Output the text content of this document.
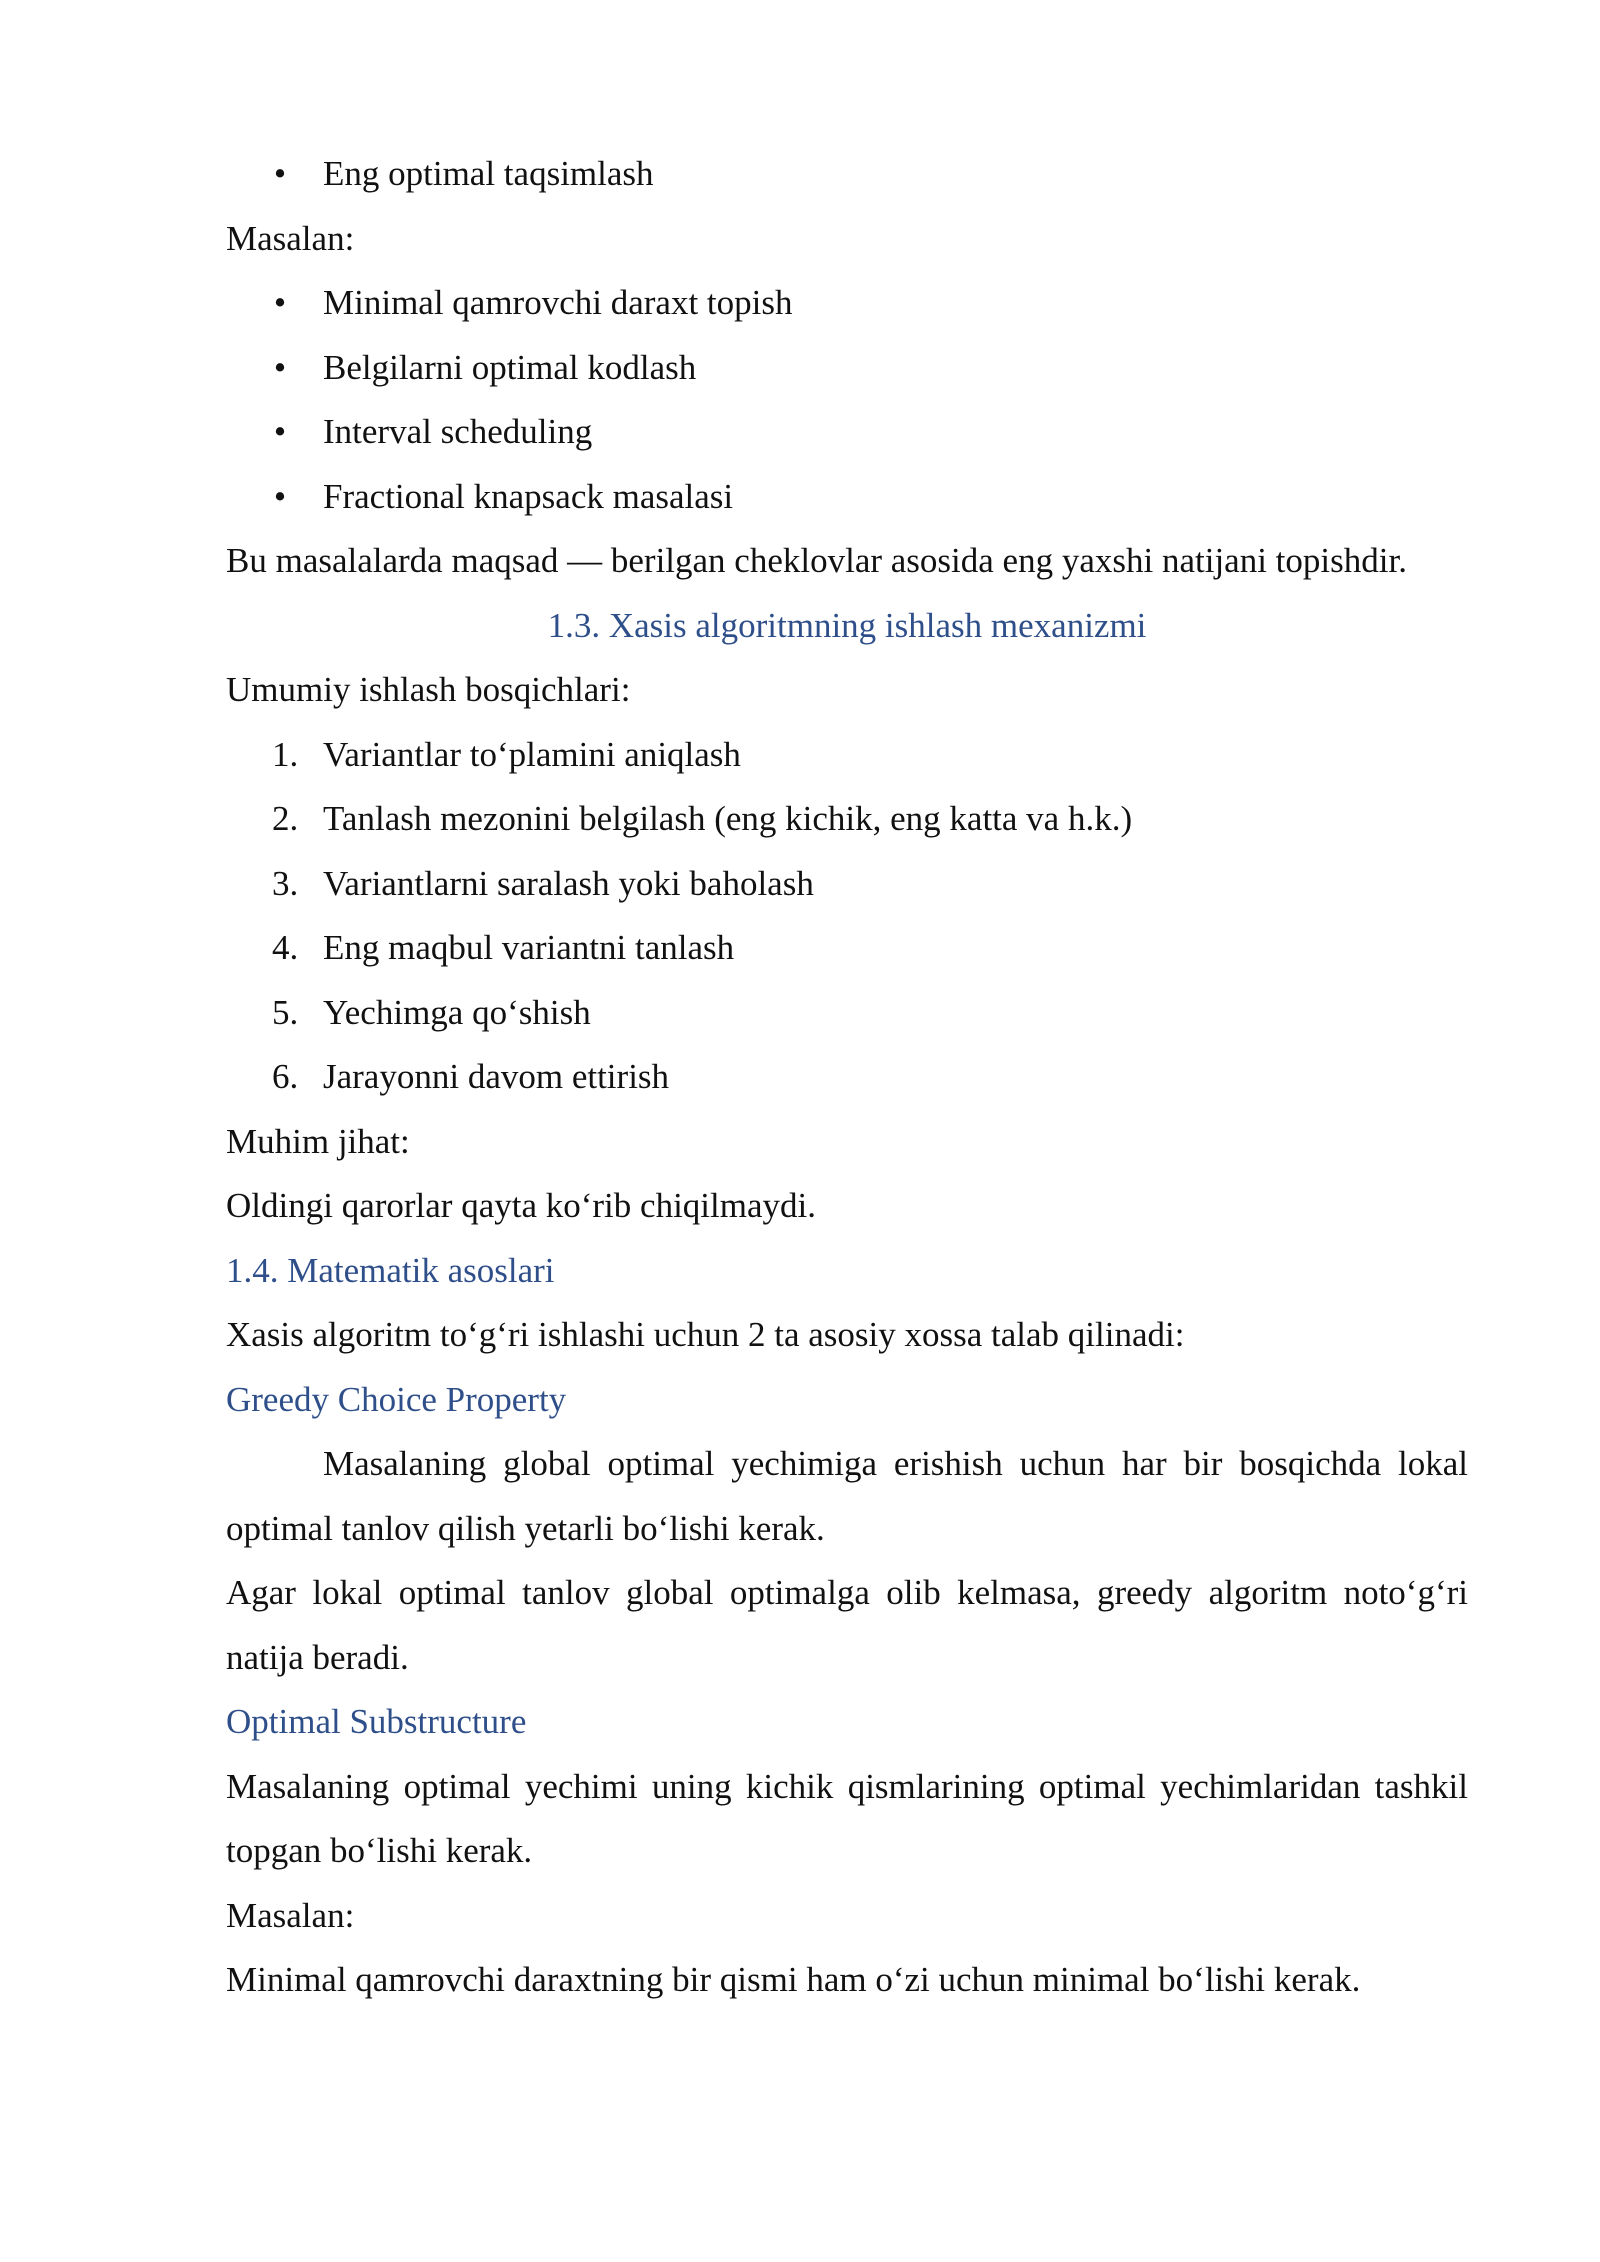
• Eng optimal taqsimlash

Masalan:

• Minimal qamrovchi daraxt topish
• Belgilarni optimal kodlash
• Interval scheduling
• Fractional knapsack masalasi

Bu masalalarda maqsad — berilgan cheklovlar asosida eng yaxshi natijani topishdir.

1.3. Xasis algoritmning ishlash mexanizmi

Umumiy ishlash bosqichlari:

1. Variantlar to‘plamini aniqlash
2. Tanlash mezonini belgilash (eng kichik, eng katta va h.k.)
3. Variantlarni saralash yoki baholash
4. Eng maqbul variantni tanlash
5. Yechimga qo‘shish
6. Jarayonni davom ettirish

Muhim jihat:

Oldingi qarorlar qayta ko‘rib chiqilmaydi.

1.4. Matematik asoslari

Xasis algoritm to‘g‘ri ishlashi uchun 2 ta asosiy xossa talab qilinadi:

Greedy Choice Property

Masalaning global optimal yechimiga erishish uchun har bir bosqichda lokal optimal tanlov qilish yetarli bo‘lishi kerak.

Agar lokal optimal tanlov global optimalga olib kelmasa, greedy algoritm noto‘g‘ri natija beradi.

Optimal Substructure

Masalaning optimal yechimi uning kichik qismlarining optimal yechimlaridan tashkil topgan bo‘lishi kerak.

Masalan:

Minimal qamrovchi daraxtning bir qismi ham o‘zi uchun minimal bo‘lishi kerak.
